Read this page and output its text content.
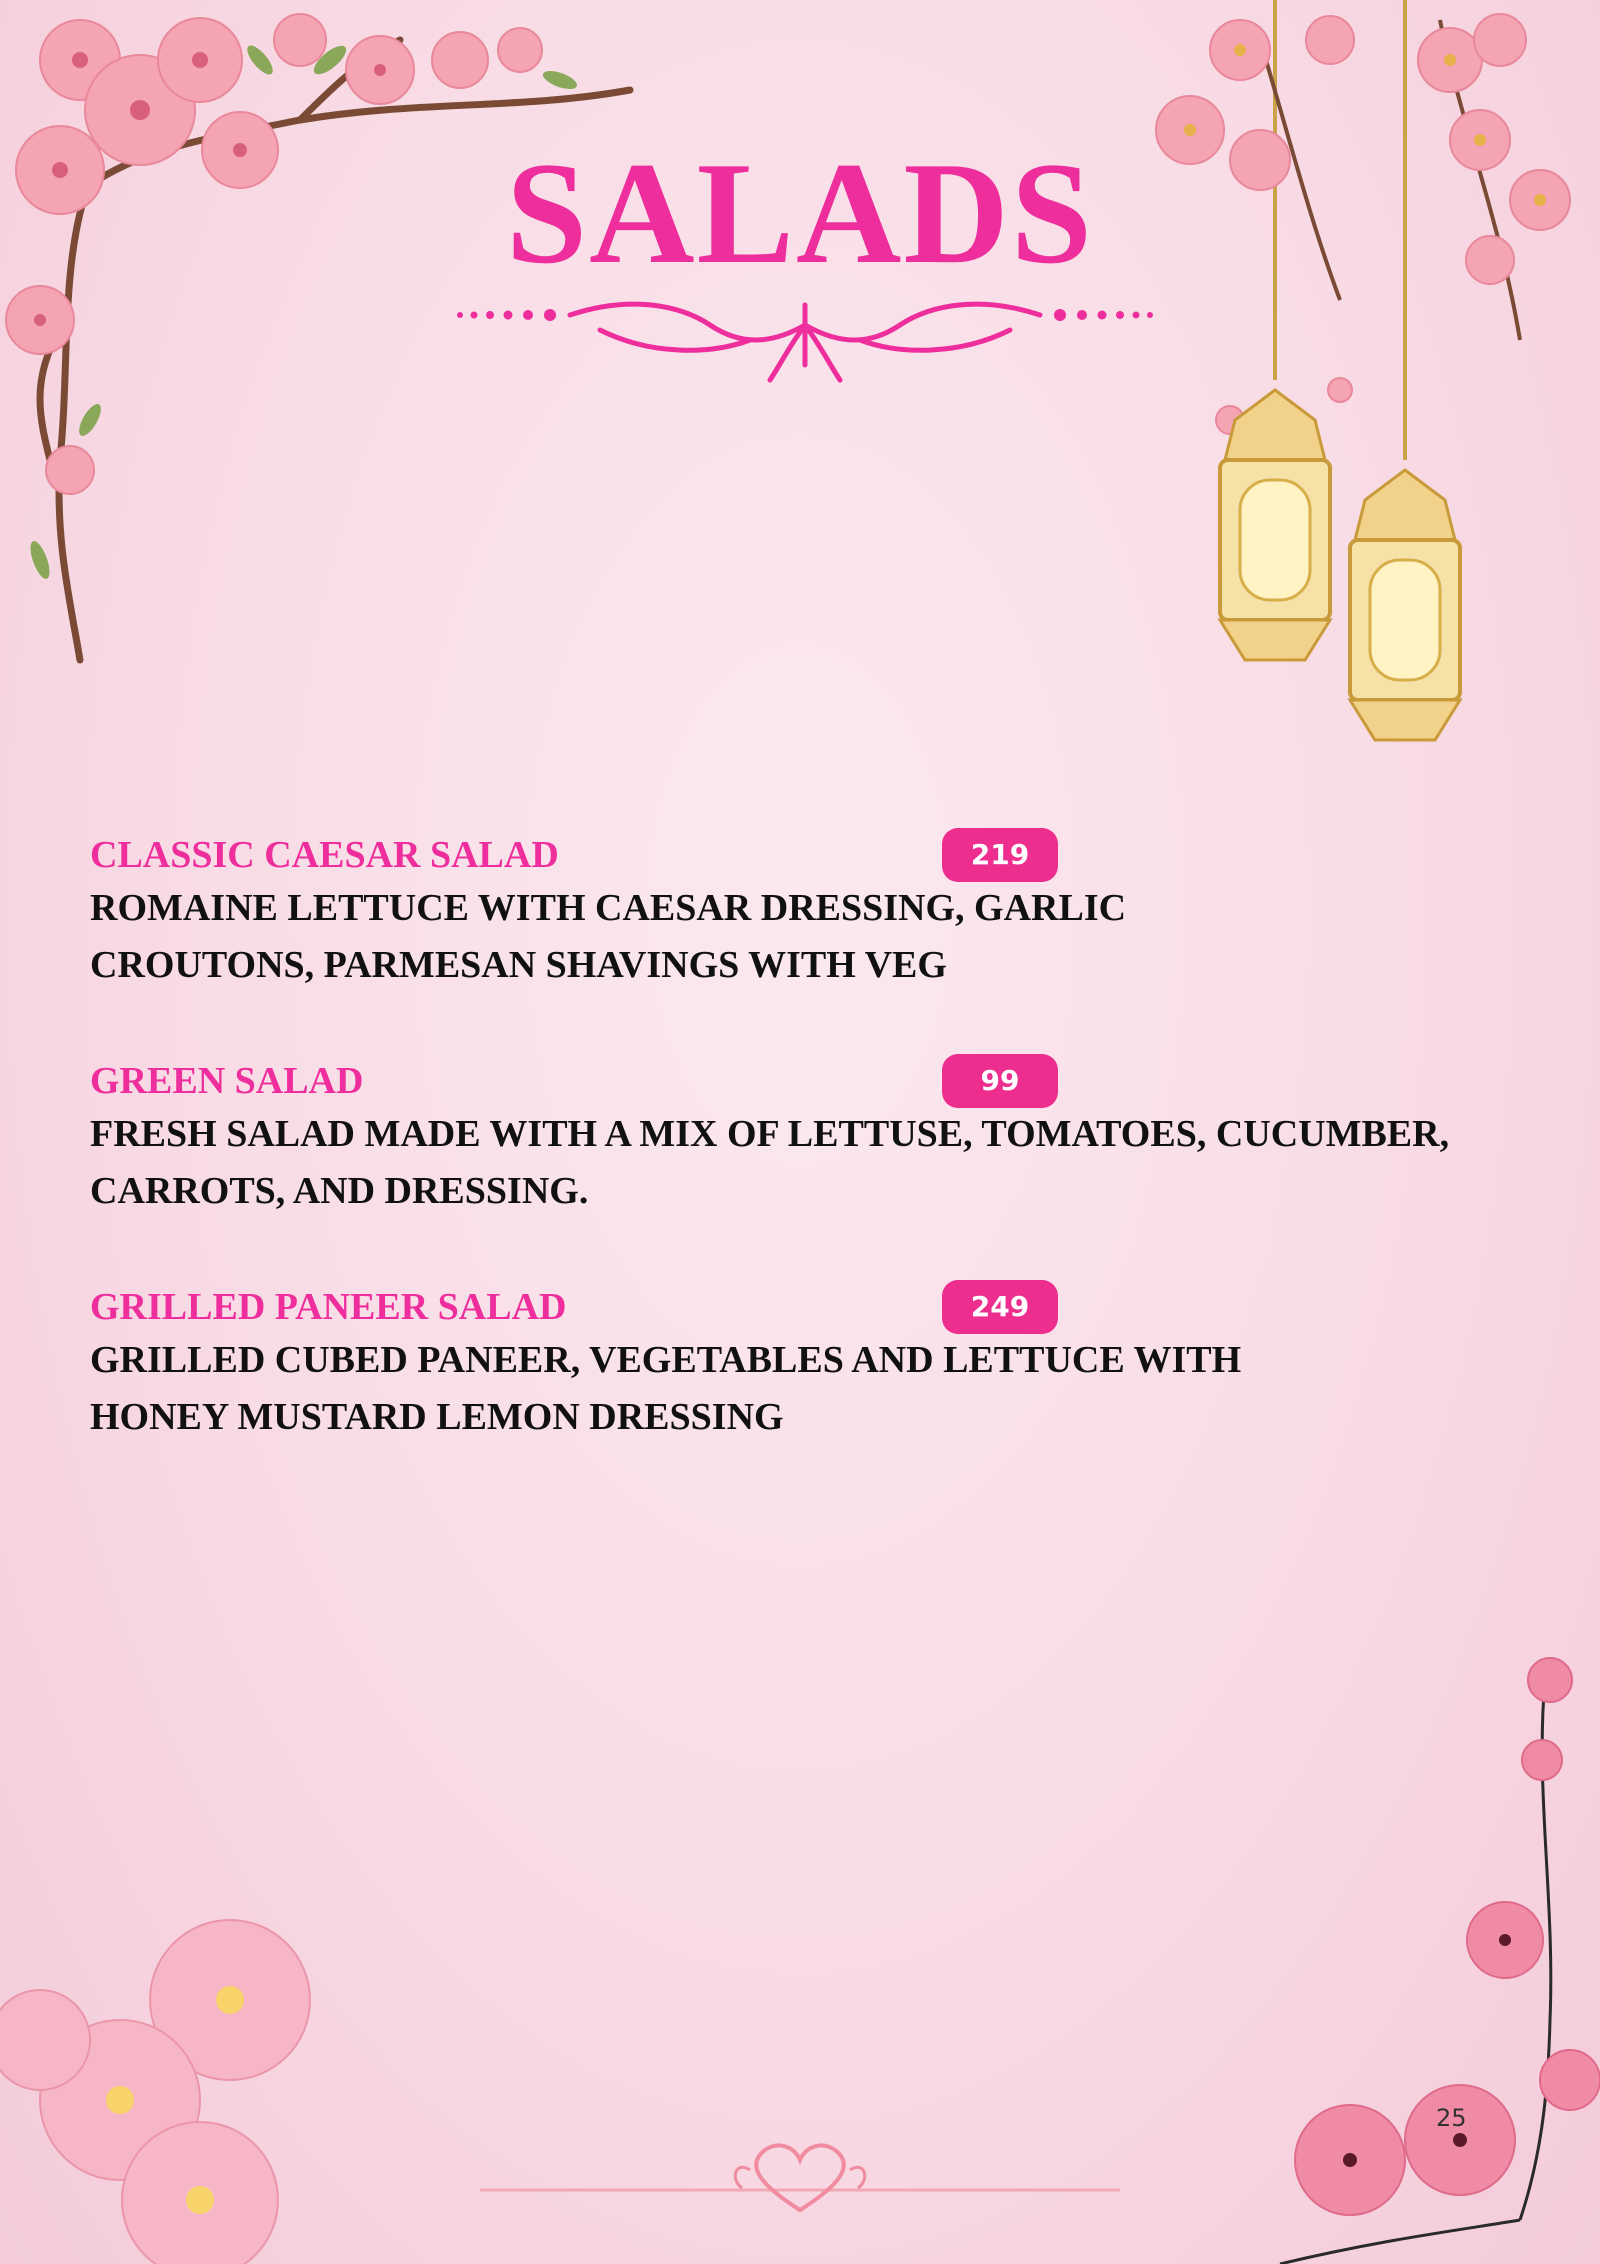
SALADS
CLASSIC CAESAR SALAD	219
ROMAINE LETTUCE WITH CAESAR DRESSING, GARLIC CROUTONS, PARMESAN SHAVINGS WITH VEG
GREEN SALAD	99
FRESH SALAD MADE WITH A MIX OF LETTUSE, TOMATOES, CUCUMBER, CARROTS, AND DRESSING.
GRILLED PANEER SALAD	249
GRILLED CUBED PANEER, VEGETABLES AND LETTUCE WITH HONEY MUSTARD LEMON DRESSING
25
